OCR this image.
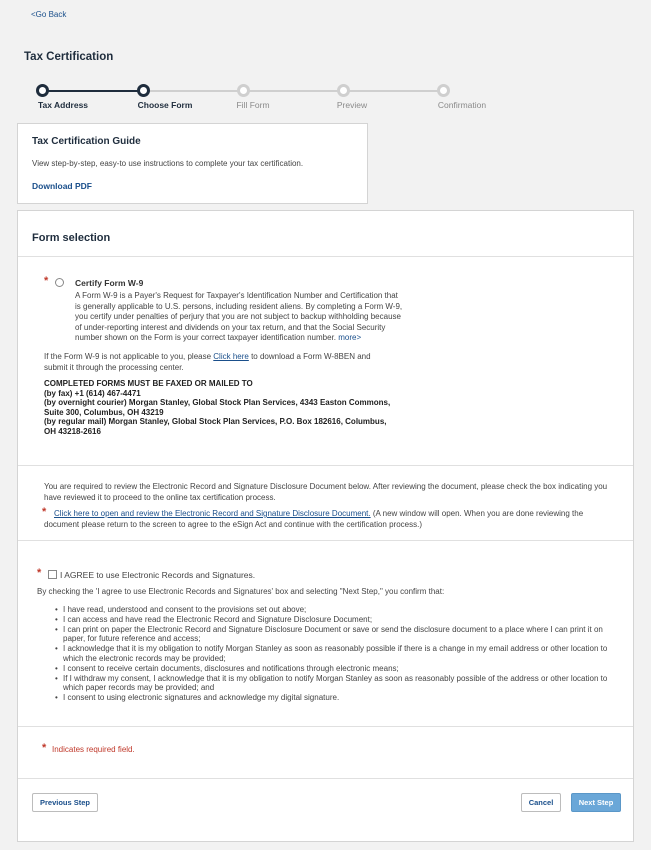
<Go Back
Tax Certification
Tax Address	Choose Form	Fill Form	Preview	Confirmation
Tax Certification Guide
View step-by-step, easy-to use instructions to complete your tax certification.
Download PDF
Form selection
*	Certify Form W-9
A Form W-9 is a Payer's Request for Taxpayer's Identification Number and Certification that is generally applicable to U.S. persons, including resident aliens. By completing a Form W-9, you certify under penalties of perjury that you are not subject to backup withholding because of under-reporting interest and dividends on your tax return, and that the Social Security number shown on the Form is your correct taxpayer identification number. more>
If the Form W-9 is not applicable to you, please Click here to download a Form W-8BEN and submit it through the processing center.
COMPLETED FORMS MUST BE FAXED OR MAILED TO
(by fax) +1 (614) 467-4471
(by overnight courier) Morgan Stanley, Global Stock Plan Services, 4343 Easton Commons, Suite 300, Columbus, OH 43219
(by regular mail) Morgan Stanley, Global Stock Plan Services, P.O. Box 182616, Columbus, OH 43218-2616
You are required to review the Electronic Record and Signature Disclosure Document below. After reviewing the document, please check the box indicating you have reviewed it to proceed to the online tax certification process.
* Click here to open and review the Electronic Record and Signature Disclosure Document. (A new window will open. When you are done reviewing the document please return to the screen to agree to the eSign Act and continue with the certification process.)
* I AGREE to use Electronic Records and Signatures.
By checking the 'I agree to use Electronic Records and Signatures' box and selecting "Next Step," you confirm that:
• I have read, understood and consent to the provisions set out above;
• I can access and have read the Electronic Record and Signature Disclosure Document;
• I can print on paper the Electronic Record and Signature Disclosure Document or save or send the disclosure document to a place where I can print it on paper, for future reference and access;
• I acknowledge that it is my obligation to notify Morgan Stanley as soon as reasonably possible if there is a change in my email address or other location to which the electronic records may be provided;
• I consent to receive certain documents, disclosures and notifications through electronic means;
• If I withdraw my consent, I acknowledge that it is my obligation to notify Morgan Stanley as soon as reasonably possible of the address or other location to which paper records may be provided; and
• I consent to using electronic signatures and acknowledge my digital signature.
* Indicates required field.
Previous Step	Cancel	Next Step
